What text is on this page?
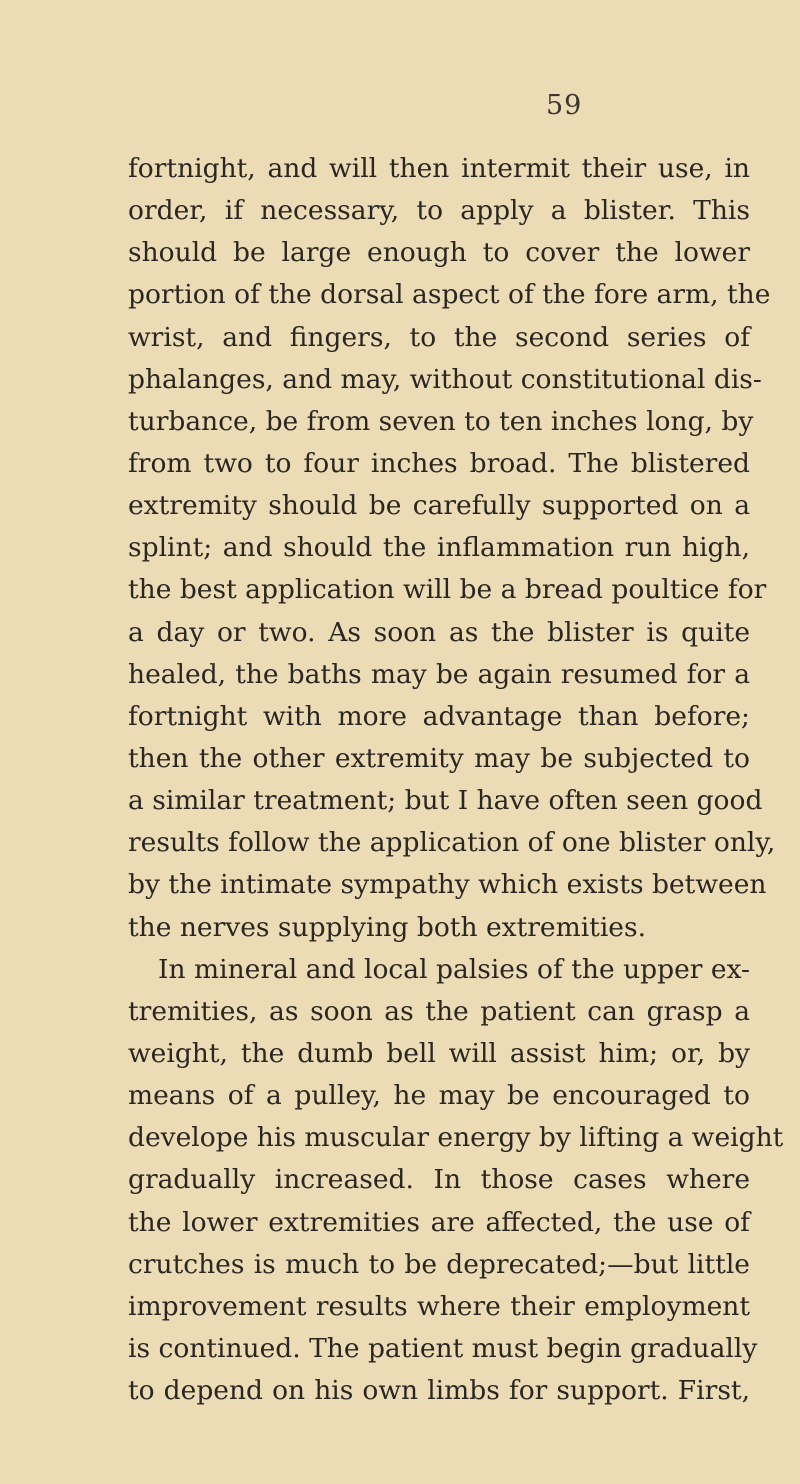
59
fortnight, and will then intermit their use, in
order, if necessary, to apply a blister. This
should be large enough to cover the lower
portion of the dorsal aspect of the fore arm, the
wrist, and fingers, to the second series of
phalanges, and may, without constitutional dis-
turbance, be from seven to ten inches long, by
from two to four inches broad. The blistered
extremity should be carefully supported on a
splint; and should the inflammation run high,
the best application will be a bread poultice for
a day or two. As soon as the blister is quite
healed, the baths may be again resumed for a
fortnight with more advantage than before;
then the other extremity may be subjected to
a similar treatment; but I have often seen good
results follow the application of one blister only,
by the intimate sympathy which exists between
the nerves supplying both extremities.
In mineral and local palsies of the upper ex-
tremities, as soon as the patient can grasp a
weight, the dumb bell will assist him; or, by
means of a pulley, he may be encouraged to
develope his muscular energy by lifting a weight
gradually increased. In those cases where
the lower extremities are affected, the use of
crutches is much to be deprecated;—but little
improvement results where their employment
is continued. The patient must begin gradually
to depend on his own limbs for support. First,
